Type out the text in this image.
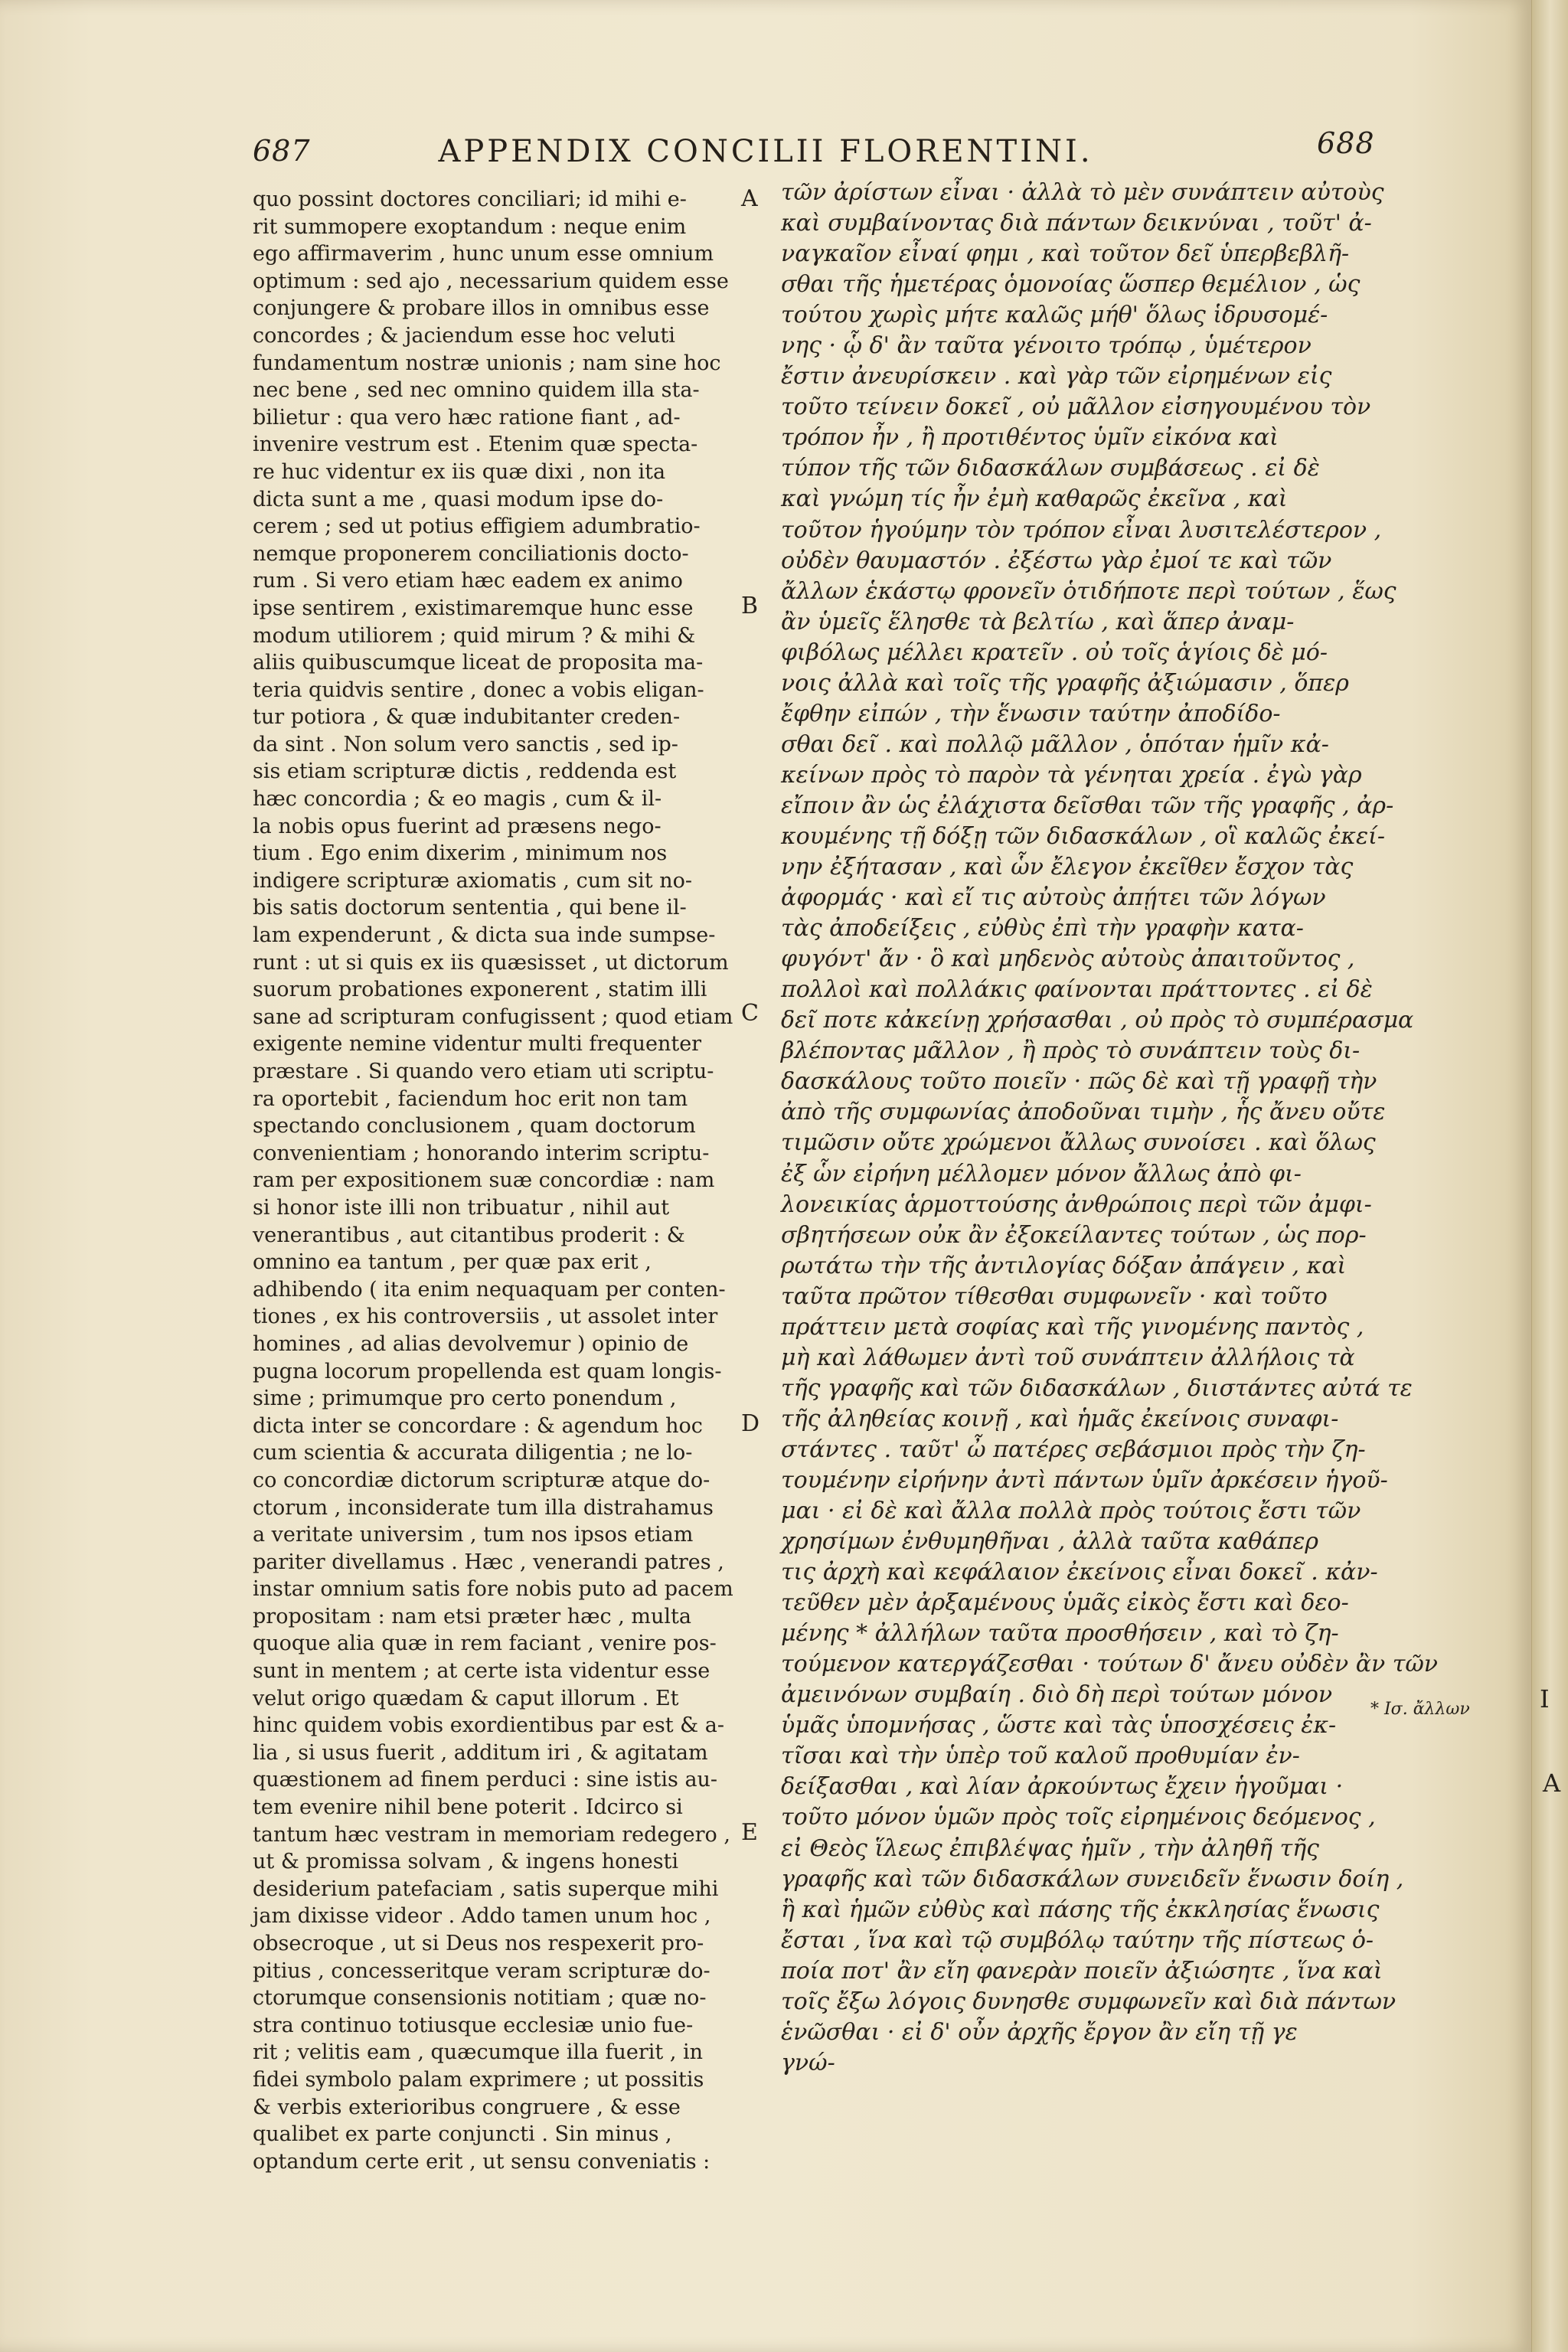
687	APPENDIX CONCILII FLORENTINI.	688
quo possint doctores conciliari; id mihi e-
rit summopere exoptandum : neque enim
ego affirmaverim , hunc unum esse omnium
optimum : sed ajo , necessarium quidem esse
conjungere & probare illos in omnibus esse
concordes ; & jaciendum esse hoc veluti
fundamentum nostræ unionis ; nam sine hoc
nec bene , sed nec omnino quidem illa sta-
bilietur : qua vero hæc ratione fiant , ad-
invenire vestrum est . Etenim quæ specta-
re huc videntur ex iis quæ dixi , non ita
dicta sunt a me , quasi modum ipse do-
cerem ; sed ut potius effigiem adumbratio-
nemque proponerem conciliationis docto-
rum . Si vero etiam hæc eadem ex animo
ipse sentirem , existimaremque hunc esse
modum utiliorem ; quid mirum ? & mihi &
aliis quibuscumque liceat de proposita ma-
teria quidvis sentire , donec a vobis eligan-
tur potiora , & quæ indubitanter creden-
da sint . Non solum vero sanctis , sed ip-
sis etiam scripturæ dictis , reddenda est
hæc concordia ; & eo magis , cum & il-
la nobis opus fuerint ad præsens nego-
tium . Ego enim dixerim , minimum nos
indigere scripturæ axiomatis , cum sit no-
bis satis doctorum sententia , qui bene il-
lam expenderunt , & dicta sua inde sumpse-
runt : ut si quis ex iis quæsisset , ut dictorum
suorum probationes exponerent , statim illi
sane ad scripturam confugissent ; quod etiam
exigente nemine videntur multi frequenter
præstare . Si quando vero etiam uti scriptu-
ra oportebit , faciendum hoc erit non tam
spectando conclusionem , quam doctorum
convenientiam ; honorando interim scriptu-
ram per expositionem suæ concordiæ : nam
si honor iste illi non tribuatur , nihil aut
venerantibus , aut citantibus proderit : &
omnino ea tantum , per quæ pax erit ,
adhibendo ( ita enim nequaquam per conten-
tiones , ex his controversiis , ut assolet inter
homines , ad alias devolvemur ) opinio de
pugna locorum propellenda est quam longis-
sime ; primumque pro certo ponendum ,
dicta inter se concordare : & agendum hoc
cum scientia & accurata diligentia ; ne lo-
co concordiæ dictorum scripturæ atque do-
ctorum , inconsiderate tum illa distrahamus
a veritate universim , tum nos ipsos etiam
pariter divellamus . Hæc , venerandi patres ,
instar omnium satis fore nobis puto ad pacem
propositam : nam etsi præter hæc , multa
quoque alia quæ in rem faciant , venire pos-
sunt in mentem ; at certe ista videntur esse
velut origo quædam & caput illorum . Et
hinc quidem vobis exordientibus par est & a-
lia , si usus fuerit , additum iri , & agitatam
quæstionem ad finem perduci : sine istis au-
tem evenire nihil bene poterit . Idcirco si
tantum hæc vestram in memoriam redegero ,
ut & promissa solvam , & ingens honesti
desiderium patefaciam , satis superque mihi
jam dixisse videor . Addo tamen unum hoc ,
obsecroque , ut si Deus nos respexerit pro-
pitius , concesseritque veram scripturæ do-
ctorumque consensionis notitiam ; quæ no-
stra continuo totiusque ecclesiæ unio fue-
rit ; velitis eam , quæcumque illa fuerit , in
fidei symbolo palam exprimere ; ut possitis
& verbis exterioribus congruere , & esse
qualibet ex parte conjuncti . Sin minus ,
optandum certe erit , ut sensu conveniatis :
A
B
C
D
E
τῶν ἀρίστων εἶναι · ἀλλὰ τὸ μὲν συνάπτειν αὐτοὺς
καὶ συμβαίνοντας διὰ πάντων δεικνύναι , τοῦτ' ἀ-
ναγκαῖον εἶναί φημι , καὶ τοῦτον δεῖ ὑπερβεβλῆ-
σθαι τῆς ἡμετέρας ὁμονοίας ὥσπερ θεμέλιον , ὡς
τούτου χωρὶς μήτε καλῶς μήθ' ὅλως ἱδρυσομέ-
νης · ᾧ δ' ἂν ταῦτα γένοιτο τρόπῳ , ὑμέτερον
ἔστιν ἀνευρίσκειν . καὶ γὰρ τῶν εἰρημένων εἰς
τοῦτο τείνειν δοκεῖ , οὐ μᾶλλον εἰσηγουμένου τὸν
τρόπον ἦν , ἢ προτιθέντος ὑμῖν εἰκόνα καὶ
τύπον τῆς τῶν διδασκάλων συμβάσεως . εἰ δὲ
καὶ γνώμη τίς ἦν ἐμὴ καθαρῶς ἐκεῖνα , καὶ
τοῦτον ἡγούμην τὸν τρόπον εἶναι λυσιτελέστερον ,
οὐδὲν θαυμαστόν . ἐξέστω γὰρ ἐμοί τε καὶ τῶν
ἄλλων ἑκάστῳ φρονεῖν ὁτιδήποτε περὶ τούτων , ἕως
ἂν ὑμεῖς ἕλησθε τὰ βελτίω , καὶ ἅπερ ἀναμ-
φιβόλως μέλλει κρατεῖν . οὐ τοῖς ἁγίοις δὲ μό-
νοις ἀλλὰ καὶ τοῖς τῆς γραφῆς ἀξιώμασιν , ὅπερ
ἔφθην εἰπών , τὴν ἕνωσιν ταύτην ἀποδίδο-
σθαι δεῖ . καὶ πολλῷ μᾶλλον , ὁπόταν ἡμῖν κἀ-
κείνων πρὸς τὸ παρὸν τὰ γένηται χρεία . ἐγὼ γὰρ
εἴποιν ἂν ὡς ἐλάχιστα δεῖσθαι τῶν τῆς γραφῆς , ἀρ-
κουμένης τῇ δόξῃ τῶν διδασκάλων , οἳ καλῶς ἐκεί-
νην ἐξήτασαν , καὶ ὧν ἔλεγον ἐκεῖθεν ἔσχον τὰς
ἀφορμάς · καὶ εἴ τις αὐτοὺς ἀπῄτει τῶν λόγων
τὰς ἀποδείξεις , εὐθὺς ἐπὶ τὴν γραφὴν κατα-
φυγόντ' ἄν · ὃ καὶ μηδενὸς αὐτοὺς ἀπαιτοῦντος ,
πολλοὶ καὶ πολλάκις φαίνονται πράττοντες . εἰ δὲ
δεῖ ποτε κἀκείνῃ χρήσασθαι , οὐ πρὸς τὸ συμπέρασμα
βλέποντας μᾶλλον , ἢ πρὸς τὸ συνάπτειν τοὺς δι-
δασκάλους τοῦτο ποιεῖν · πῶς δὲ καὶ τῇ γραφῇ τὴν
ἀπὸ τῆς συμφωνίας ἀποδοῦναι τιμὴν , ἧς ἄνευ οὔτε
τιμῶσιν οὔτε χρώμενοι ἄλλως συνοίσει . καὶ ὅλως
ἐξ ὧν εἰρήνη μέλλομεν μόνον ἄλλως ἀπὸ φι-
λονεικίας ἁρμοττούσης ἀνθρώποις περὶ τῶν ἀμφι-
σβητήσεων οὐκ ἂν ἐξοκείλαντες τούτων , ὡς πορ-
ρωτάτω τὴν τῆς ἀντιλογίας δόξαν ἀπάγειν , καὶ
ταῦτα πρῶτον τίθεσθαι συμφωνεῖν · καὶ τοῦτο
πράττειν μετὰ σοφίας καὶ τῆς γινομένης παντὸς ,
μὴ καὶ λάθωμεν ἀντὶ τοῦ συνάπτειν ἀλλήλοις τὰ
τῆς γραφῆς καὶ τῶν διδασκάλων , διιστάντες αὐτά τε
τῆς ἀληθείας κοινῇ , καὶ ἡμᾶς ἐκείνοις συναφι-
στάντες . ταῦτ' ὦ πατέρες σεβάσμιοι πρὸς τὴν ζη-
τουμένην εἰρήνην ἀντὶ πάντων ὑμῖν ἀρκέσειν ἡγοῦ-
μαι · εἰ δὲ καὶ ἄλλα πολλὰ πρὸς τούτοις ἔστι τῶν
χρησίμων ἐνθυμηθῆναι , ἀλλὰ ταῦτα καθάπερ
τις ἀρχὴ καὶ κεφάλαιον ἐκείνοις εἶναι δοκεῖ . κἀν-
τεῦθεν μὲν ἀρξαμένους ὑμᾶς εἰκὸς ἔστι καὶ δεο-
μένης * ἀλλήλων ταῦτα προσθήσειν , καὶ τὸ ζη-
τούμενον κατεργάζεσθαι · τούτων δ' ἄνευ οὐδὲν ἂν τῶν
ἀμεινόνων συμβαίη . διὸ δὴ περὶ τούτων μόνον
ὑμᾶς ὑπομνήσας , ὥστε καὶ τὰς ὑποσχέσεις ἐκ-
τῖσαι καὶ τὴν ὑπὲρ τοῦ καλοῦ προθυμίαν ἐν-
δείξασθαι , καὶ λίαν ἀρκούντως ἔχειν ἡγοῦμαι ·
τοῦτο μόνον ὑμῶν πρὸς τοῖς εἰρημένοις δεόμενος ,
εἰ Θεὸς ἵλεως ἐπιβλέψας ἡμῖν , τὴν ἀληθῆ τῆς
γραφῆς καὶ τῶν διδασκάλων συνειδεῖν ἕνωσιν δοίη ,
ἣ καὶ ἡμῶν εὐθὺς καὶ πάσης τῆς ἐκκλησίας ἕνωσις
ἔσται , ἵνα καὶ τῷ συμβόλῳ ταύτην τῆς πίστεως ὁ-
ποία ποτ' ἂν εἴη φανερὰν ποιεῖν ἀξιώσητε , ἵνα καὶ
τοῖς ἔξω λόγοις δυνησθε συμφωνεῖν καὶ διὰ πάντων
ἑνῶσθαι · εἰ δ' οὖν ἀρχῆς ἔργον ἂν εἴη τῇ γε
γνώ-
* Ισ. ἄλλων	I
A
